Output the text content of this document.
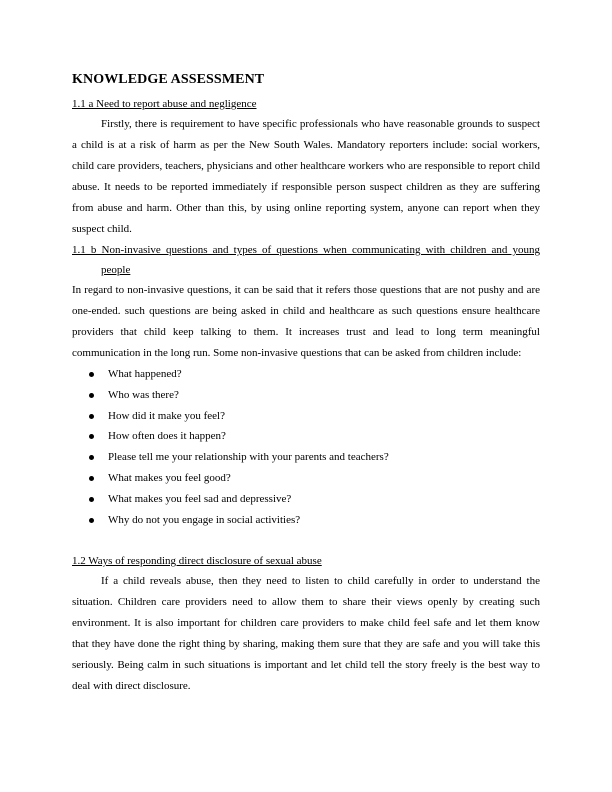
KNOWLEDGE ASSESSMENT
1.1 a Need to report abuse and negligence

Firstly, there is requirement to have specific professionals who have reasonable grounds to suspect a child is at a risk of harm as per the New South Wales. Mandatory reporters include: social workers, child care providers, teachers, physicians and other healthcare workers who are responsible to report child abuse. It needs to be reported immediately if responsible person suspect children as they are suffering from abuse and harm. Other than this, by using online reporting system, anyone can report when they suspect child.

1.1 b Non-invasive questions and types of questions when communicating with children and young people

In regard to non-invasive questions, it can be said that it refers those questions that are not pushy and are one-ended. such questions are being asked in child and healthcare as such questions ensure healthcare providers that child keep talking to them. It increases trust and lead to long term meaningful communication in the long run. Some non-invasive questions that can be asked from children include:

What happened?
Who was there?
How did it make you feel?
How often does it happen?
Please tell me your relationship with your parents and teachers?
What makes you feel good?
What makes you feel sad and depressive?
Why do not you engage in social activities?
1.2 Ways of responding direct disclosure of sexual abuse

If a child reveals abuse, then they need to listen to child carefully in order to understand the situation. Children care providers need to allow them to share their views openly by creating such environment. It is also important for children care providers to make child feel safe and let them know that they have done the right thing by sharing, making them sure that they are safe and you will take this seriously. Being calm in such situations is important and let child tell the story freely is the best way to deal with direct disclosure.
